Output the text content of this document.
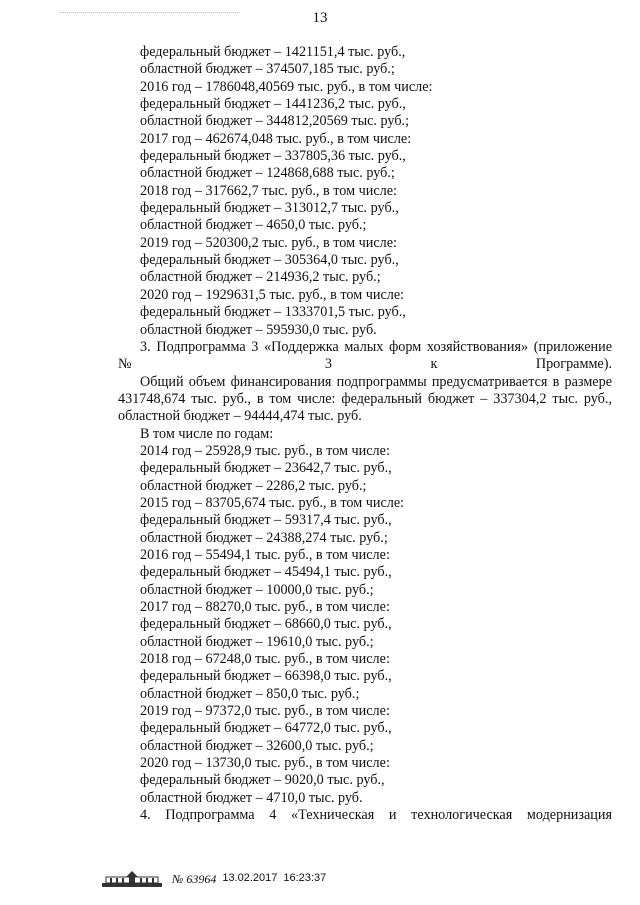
13
федеральный бюджет – 1421151,4 тыс. руб.,
областной бюджет – 374507,185 тыс. руб.;
2016 год – 1786048,40569 тыс. руб., в том числе:
федеральный бюджет – 1441236,2 тыс. руб.,
областной бюджет – 344812,20569 тыс. руб.;
2017 год – 462674,048 тыс. руб., в том числе:
федеральный бюджет – 337805,36 тыс. руб.,
областной бюджет – 124868,688 тыс. руб.;
2018 год – 317662,7 тыс. руб., в том числе:
федеральный бюджет – 313012,7 тыс. руб.,
областной бюджет – 4650,0 тыс. руб.;
2019 год – 520300,2 тыс. руб., в том числе:
федеральный бюджет – 305364,0 тыс. руб.,
областной бюджет – 214936,2 тыс. руб.;
2020 год – 1929631,5 тыс. руб., в том числе:
федеральный бюджет – 1333701,5 тыс. руб.,
областной бюджет – 595930,0 тыс. руб.
3. Подпрограмма 3 «Поддержка малых форм хозяйствования» (приложение № 3 к Программе).
Общий объем финансирования подпрограммы предусматривается в размере 431748,674 тыс. руб., в том числе: федеральный бюджет – 337304,2 тыс. руб., областной бюджет – 94444,474 тыс. руб.
В том числе по годам:
2014 год – 25928,9 тыс. руб., в том числе:
федеральный бюджет – 23642,7 тыс. руб.,
областной бюджет – 2286,2 тыс. руб.;
2015 год – 83705,674 тыс. руб., в том числе:
федеральный бюджет – 59317,4 тыс. руб.,
областной бюджет – 24388,274 тыс. руб.;
2016 год – 55494,1 тыс. руб., в том числе:
федеральный бюджет – 45494,1 тыс. руб.,
областной бюджет – 10000,0 тыс. руб.;
2017 год – 88270,0 тыс. руб., в том числе:
федеральный бюджет – 68660,0 тыс. руб.,
областной бюджет – 19610,0 тыс. руб.;
2018 год – 67248,0 тыс. руб., в том числе:
федеральный бюджет – 66398,0 тыс. руб.,
областной бюджет – 850,0 тыс. руб.;
2019 год – 97372,0 тыс. руб., в том числе:
федеральный бюджет – 64772,0 тыс. руб.,
областной бюджет – 32600,0 тыс. руб.;
2020 год – 13730,0 тыс. руб., в том числе:
федеральный бюджет – 9020,0 тыс. руб.,
областной бюджет – 4710,0 тыс. руб.
4. Подпрограмма 4 «Техническая и технологическая модернизация
№ 63964 13.02.2017 16:23:37
